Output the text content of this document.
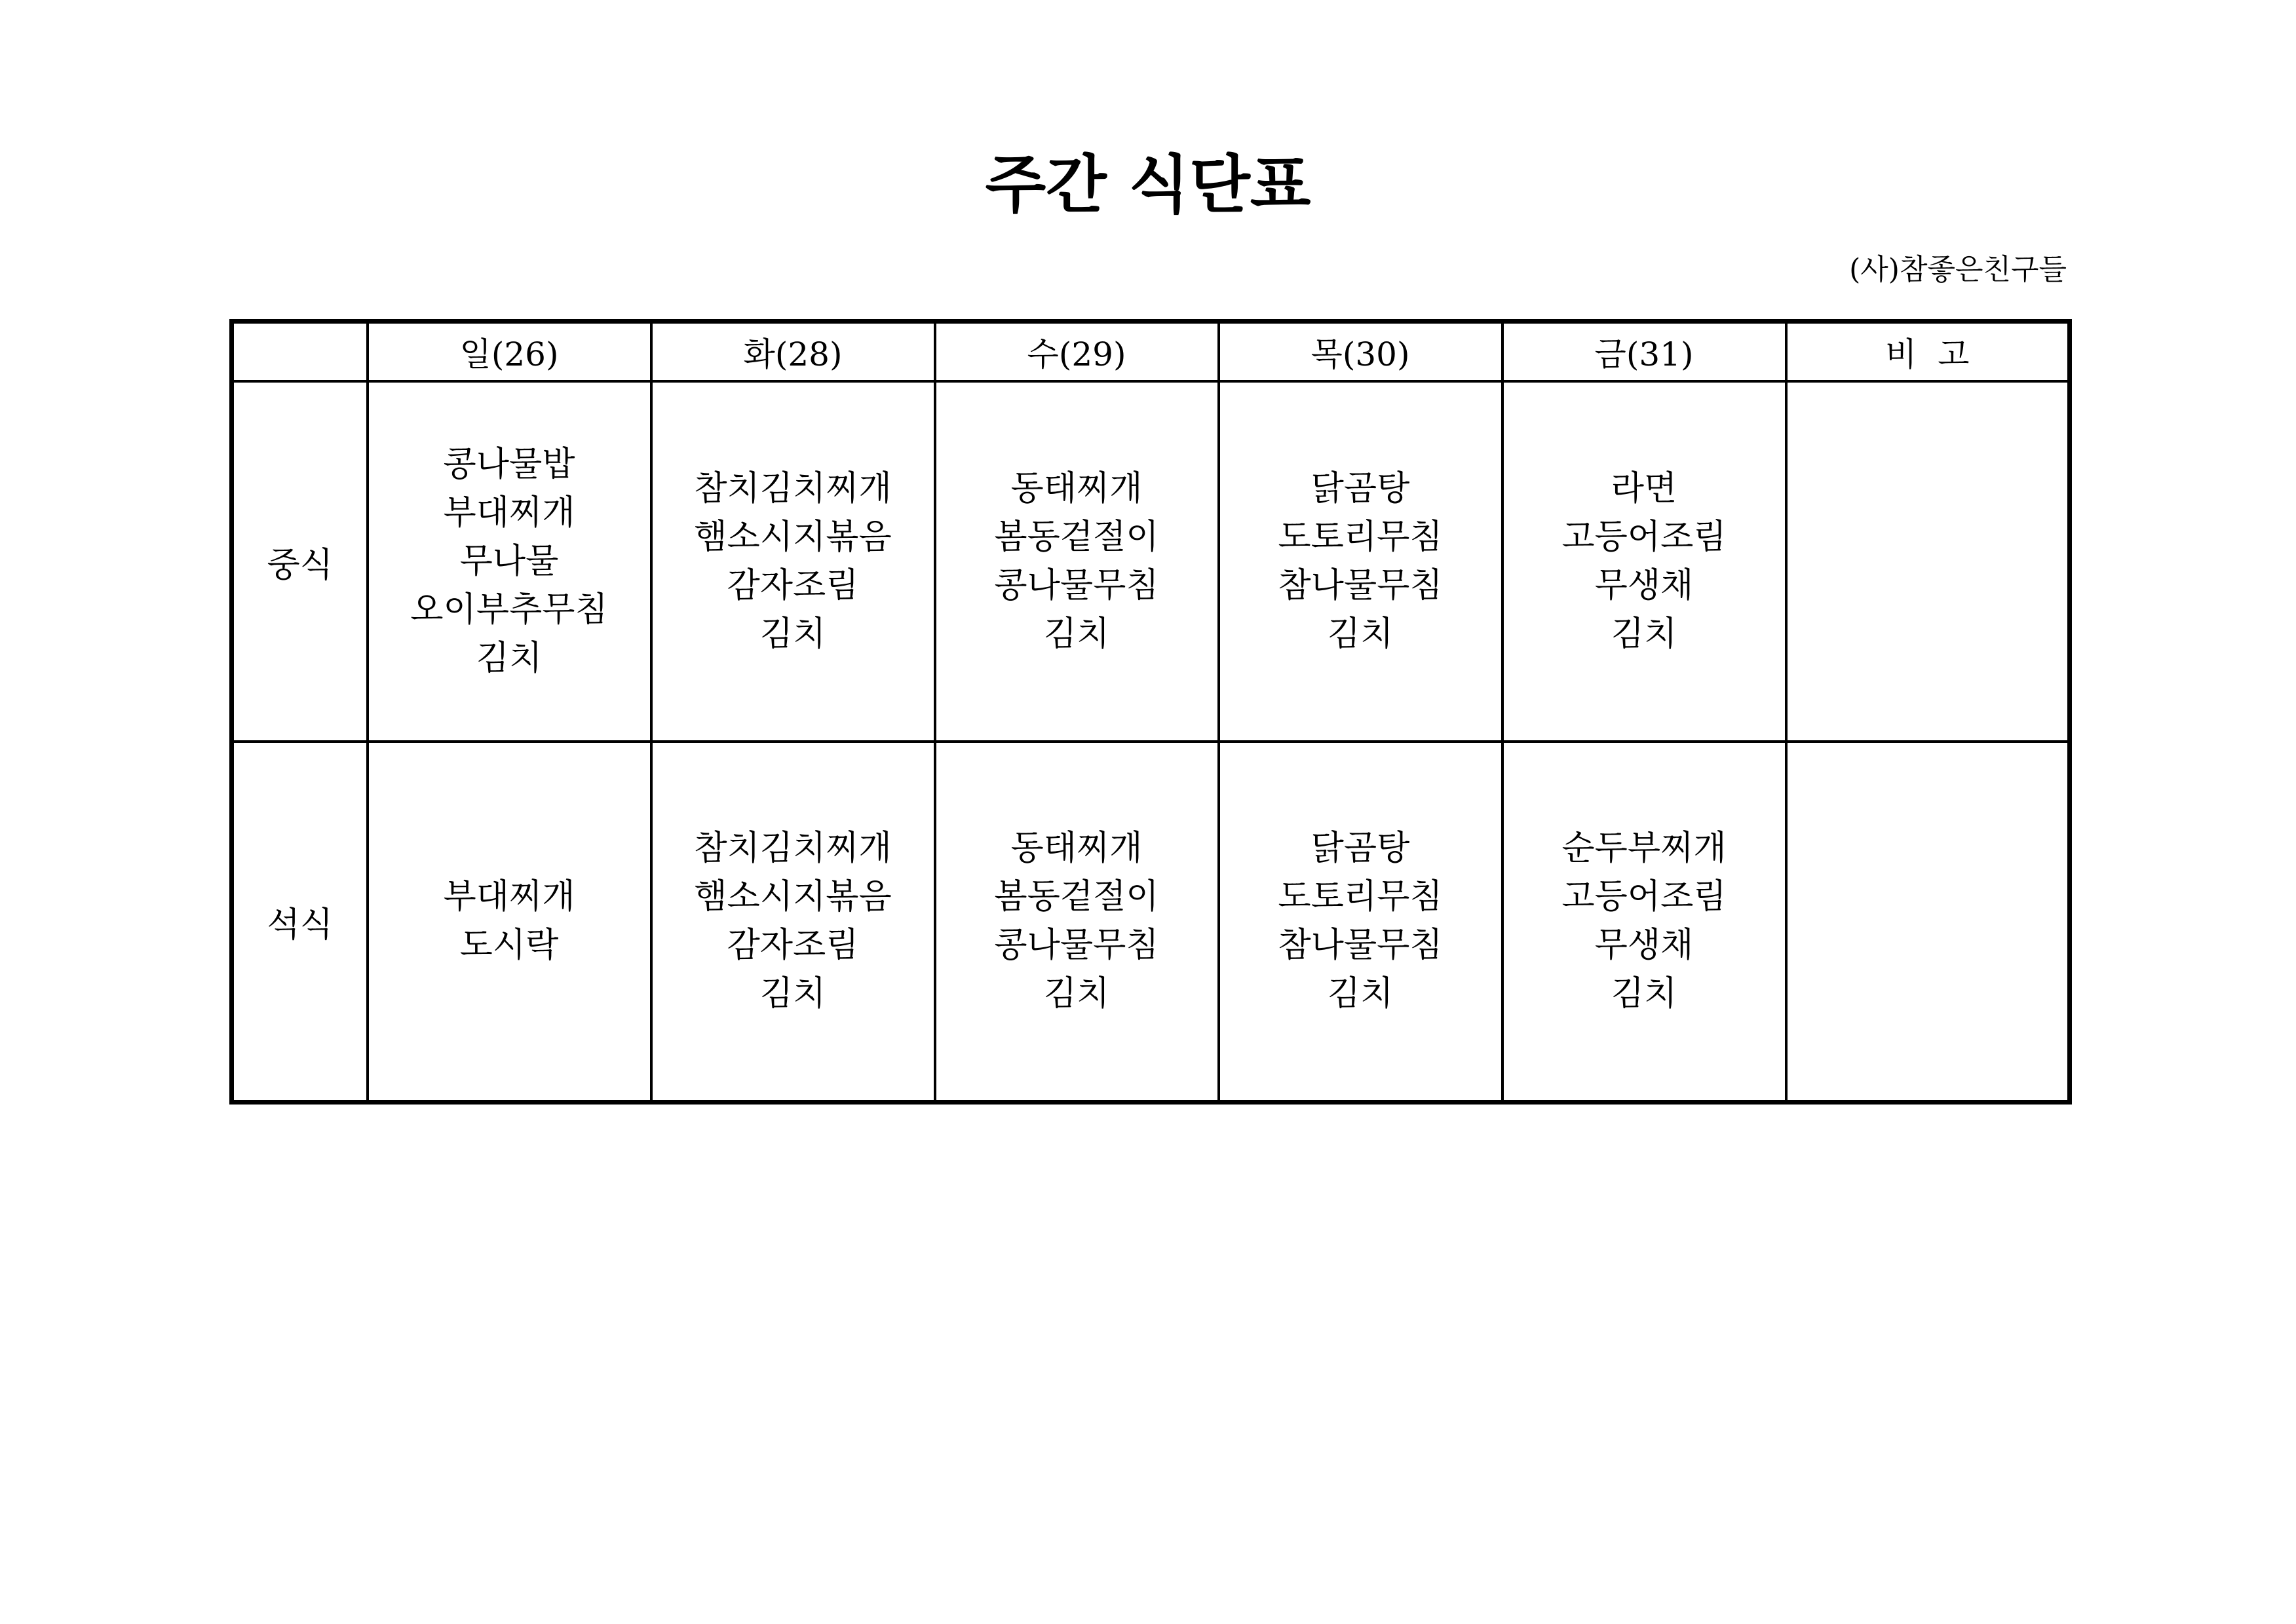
주간 식단표
(사)참좋은친구들
	일(26)	화(28)	수(29)	목(30)	금(31)	비  고
중식	콩나물밥
부대찌개
무나물
오이부추무침
김치	참치김치찌개
햄소시지볶음
감자조림
김치	동태찌개
봄동겉절이
콩나물무침
김치	닭곰탕
도토리무침
참나물무침
김치	라면
고등어조림
무생채
김치	

석식	부대찌개
도시락	참치김치찌개
햄소시지볶음
감자조림
김치	동태찌개
봄동겉절이
콩나물무침
김치	닭곰탕
도토리무침
참나물무침
김치	순두부찌개
고등어조림
무생채
김치	
